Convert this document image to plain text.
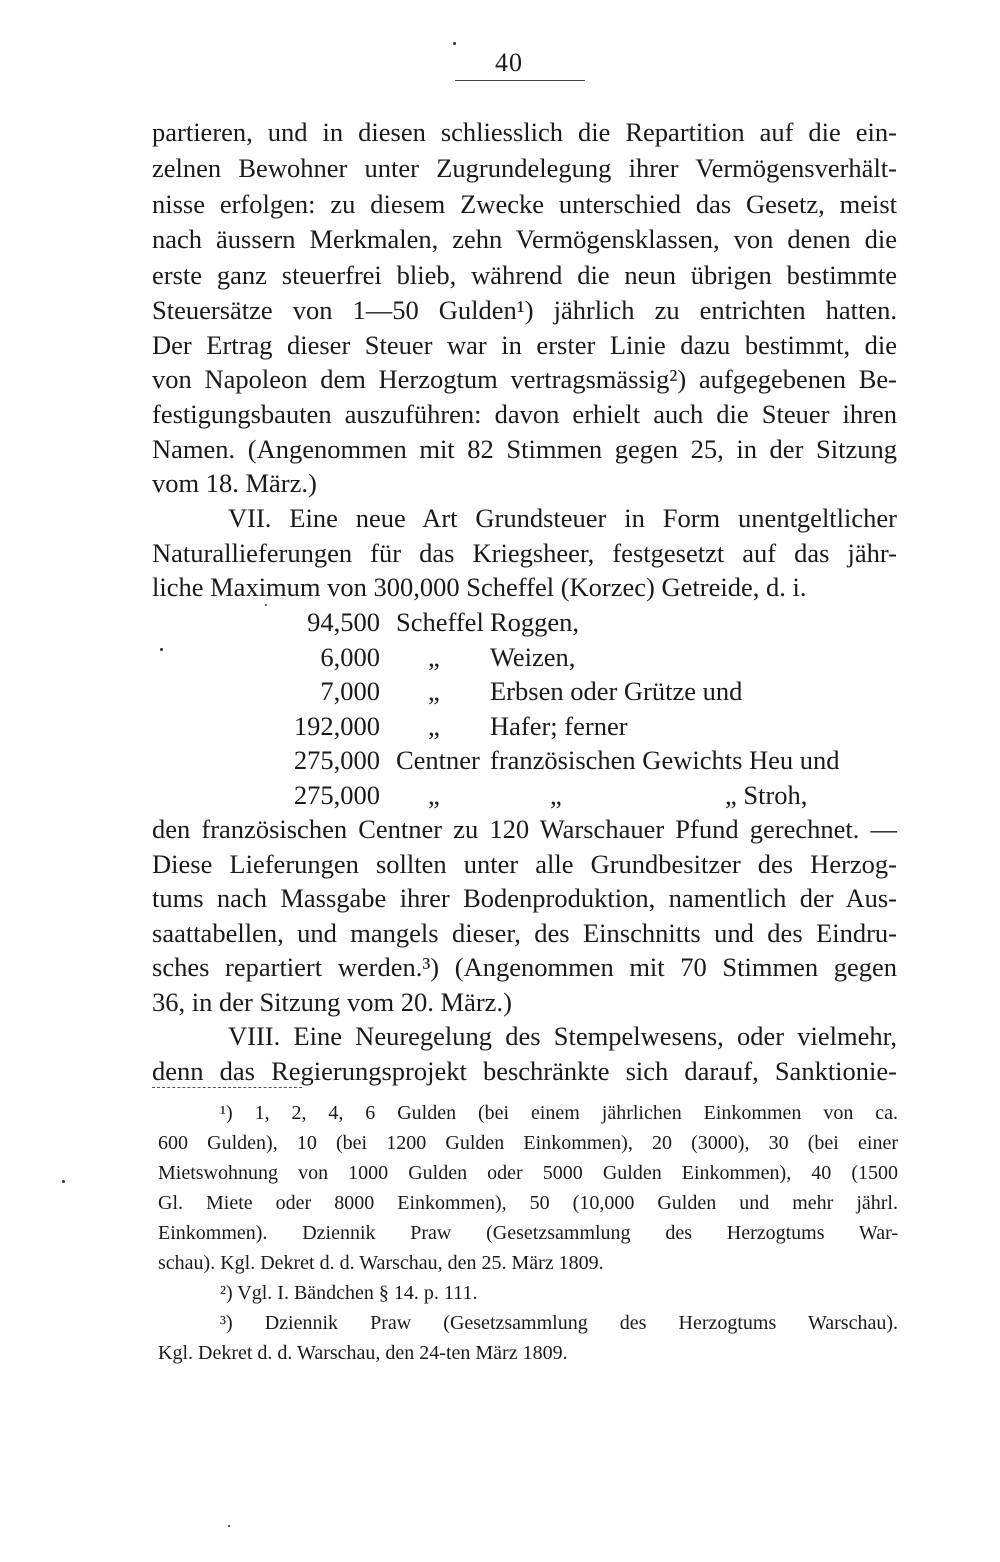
40
partieren, und in diesen schliesslich die Repartition auf die ein-
zelnen Bewohner unter Zugrundelegung ihrer Vermögensverhält-
nisse erfolgen: zu diesem Zwecke unterschied das Gesetz, meist
nach äussern Merkmalen, zehn Vermögensklassen, von denen die
erste ganz steuerfrei blieb, während die neun übrigen bestimmte
Steuersätze von 1—50 Gulden¹) jährlich zu entrichten hatten.
Der Ertrag dieser Steuer war in erster Linie dazu bestimmt, die
von Napoleon dem Herzogtum vertragsmässig²) aufgegebenen Be-
festigungsbauten auszuführen: davon erhielt auch die Steuer ihren
Namen. (Angenommen mit 82 Stimmen gegen 25, in der Sitzung
vom 18. März.)
VII. Eine neue Art Grundsteuer in Form unentgeltlicher
Naturallieferungen für das Kriegsheer, festgesetzt auf das jähr-
liche Maximum von 300,000 Scheffel (Korzec) Getreide, d. i.
94,500 Scheffel Roggen,
6,000 „ Weizen,
7,000 „ Erbsen oder Grütze und
192,000 „ Hafer; ferner
275,000 Centner französischen Gewichts Heu und
275,000 „	„	„ Stroh,
den französischen Centner zu 120 Warschauer Pfund gerechnet. —
Diese Lieferungen sollten unter alle Grundbesitzer des Herzog-
tums nach Massgabe ihrer Bodenproduktion, namentlich der Aus-
saattabellen, und mangels dieser, des Einschnitts und des Eindru-
sches repartiert werden.³) (Angenommen mit 70 Stimmen gegen
36, in der Sitzung vom 20. März.)
VIII. Eine Neuregelung des Stempelwesens, oder vielmehr,
denn das Regierungsprojekt beschränkte sich darauf, Sanktionie-
¹) 1, 2, 4, 6 Gulden (bei einem jährlichen Einkommen von ca.
600 Gulden), 10 (bei 1200 Gulden Einkommen), 20 (3000), 30 (bei einer
Mietswohnung von 1000 Gulden oder 5000 Gulden Einkommen), 40 (1500
Gl. Miete oder 8000 Einkommen), 50 (10,000 Gulden und mehr jährl.
Einkommen). Dziennik Praw (Gesetzsammlung des Herzogtums War-
schau). Kgl. Dekret d. d. Warschau, den 25. März 1809.
²) Vgl. I. Bändchen § 14. p. 111.
³) Dziennik Praw (Gesetzsammlung des Herzogtums Warschau).
Kgl. Dekret d. d. Warschau, den 24-ten März 1809.
